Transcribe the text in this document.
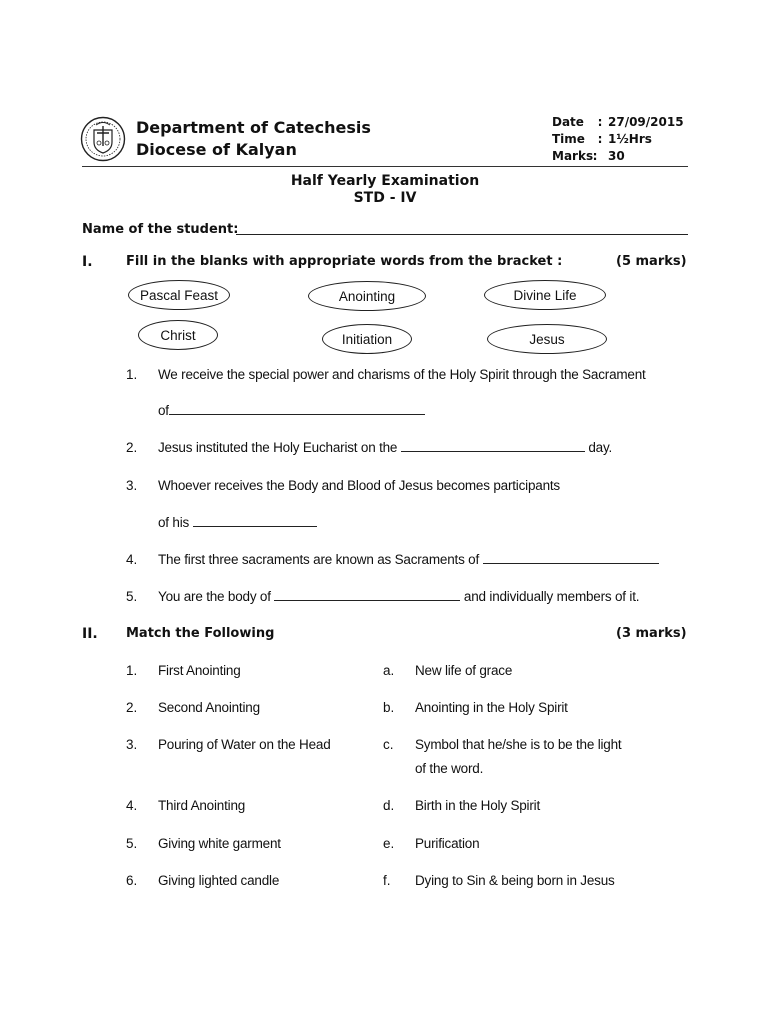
Department of Catechesis
Diocese of Kalyan
Date	: 27/09/2015
Time	: 1½Hrs
Marks : 30
Half Yearly Examination
STD - IV
Name of the student:
I.	Fill in the blanks with appropriate words from the bracket :	(5 marks)
Pascal Feast	Anointing	Divine Life
Christ	Initiation	Jesus
1. We receive the special power and charisms of the Holy Spirit through the Sacrament
of
2. Jesus instituted the Holy Eucharist on the	day.
3. Whoever receives the Body and Blood of Jesus becomes participants
of his
4. The first three sacraments are known as Sacraments of
5. You are the body of	and individually members of it.
II. Match the Following	(3 marks)
1. First Anointing	a. New life of grace
2. Second Anointing	b. Anointing in the Holy Spirit
3. Pouring of Water on the Head	c. Symbol that he/she is to be the light
of the word.
4. Third Anointing	d. Birth in the Holy Spirit
5. Giving white garment	e. Purification
6. Giving lighted candle	f. Dying to Sin & being born in Jesus
